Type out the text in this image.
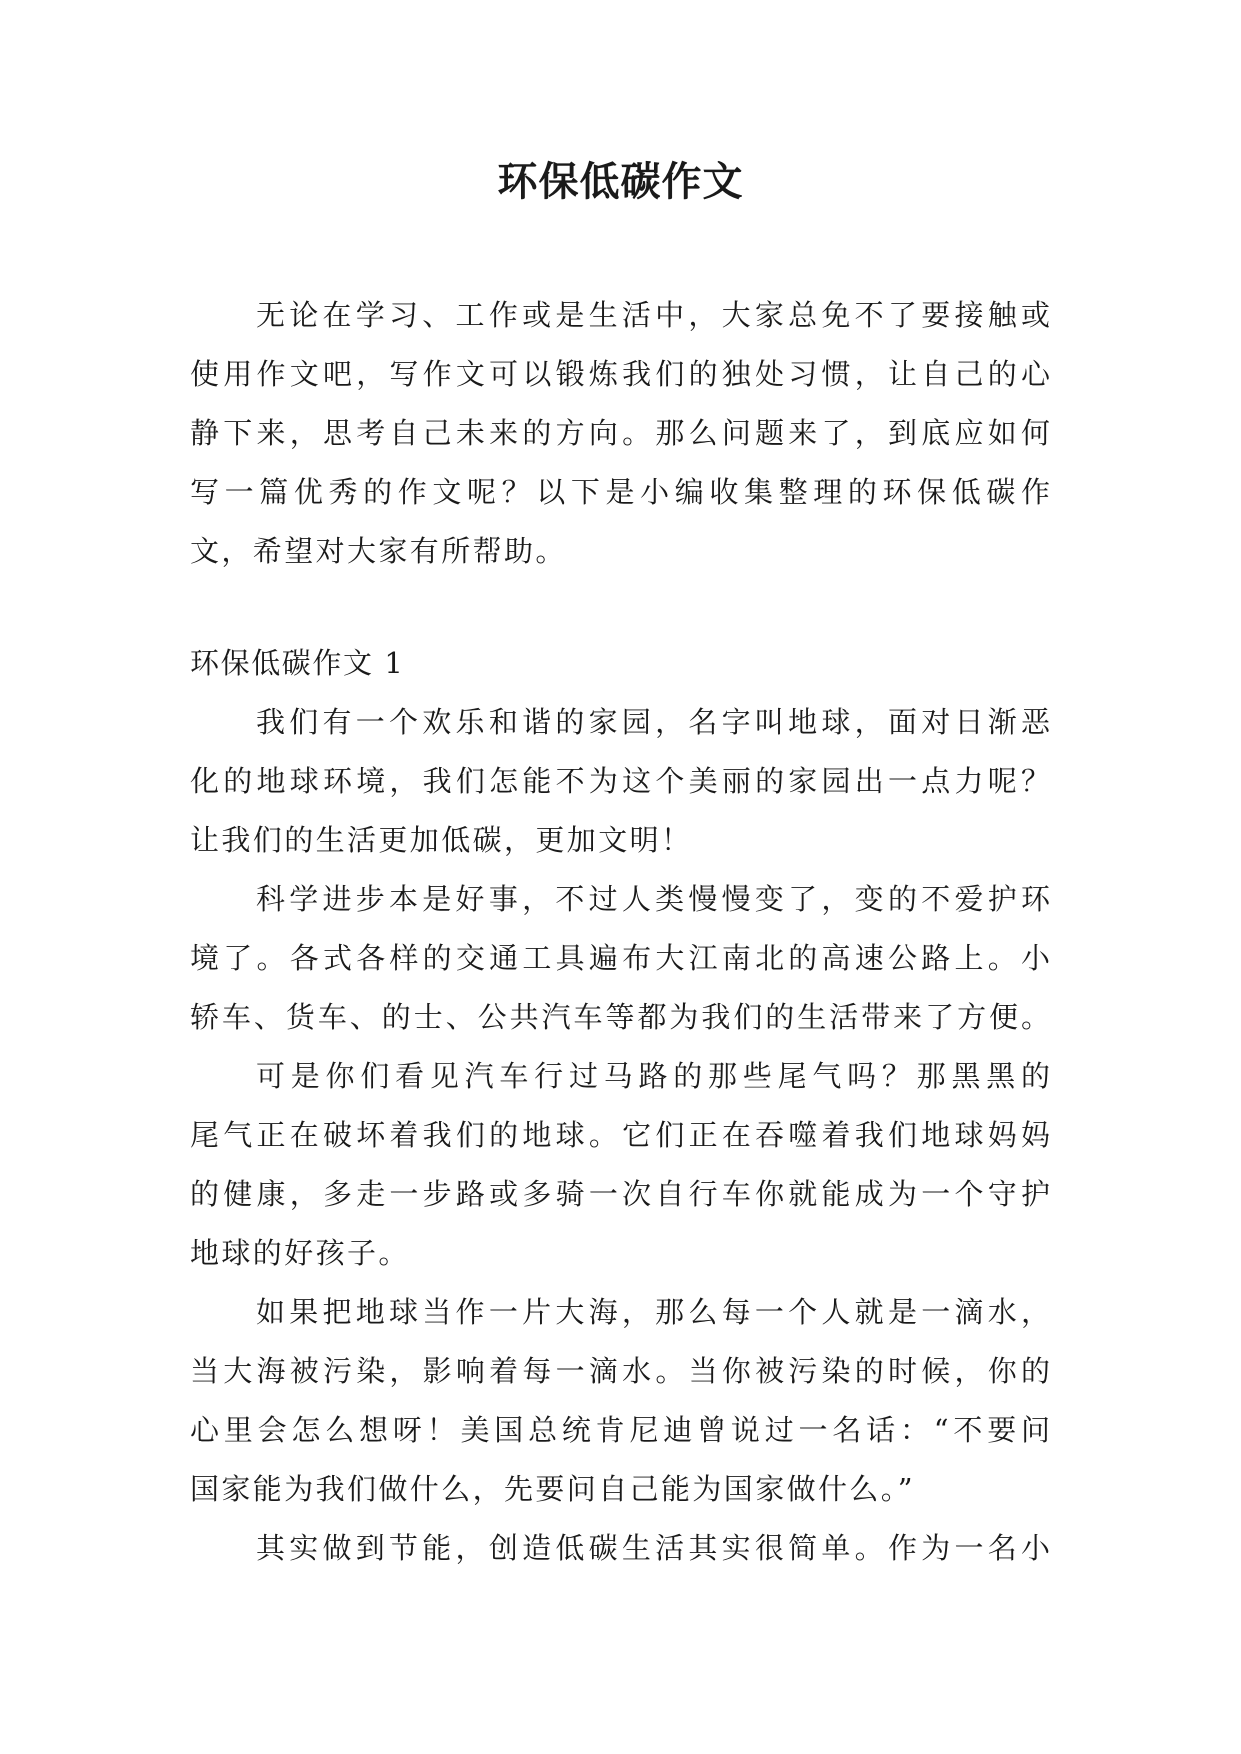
环保低碳作文
无论在学习、工作或是生活中，大家总免不了要接触或
使用作文吧，写作文可以锻炼我们的独处习惯，让自己的心
静下来，思考自己未来的方向。那么问题来了，到底应如何
写一篇优秀的作文呢？以下是小编收集整理的环保低碳作
文，希望对大家有所帮助。
环保低碳作文 1
我们有一个欢乐和谐的家园，名字叫地球，面对日渐恶
化的地球环境，我们怎能不为这个美丽的家园出一点力呢？
让我们的生活更加低碳，更加文明！
科学进步本是好事，不过人类慢慢变了，变的不爱护环
境了。各式各样的交通工具遍布大江南北的高速公路上。小
轿车、货车、的士、公共汽车等都为我们的生活带来了方便。
可是你们看见汽车行过马路的那些尾气吗？那黑黑的
尾气正在破坏着我们的地球。它们正在吞噬着我们地球妈妈
的健康，多走一步路或多骑一次自行车你就能成为一个守护
地球的好孩子。
如果把地球当作一片大海，那么每一个人就是一滴水，
当大海被污染，影响着每一滴水。当你被污染的时候，你的
心里会怎么想呀！美国总统肯尼迪曾说过一名话：“不要问
国家能为我们做什么，先要问自己能为国家做什么。”
其实做到节能，创造低碳生活其实很简单。作为一名小
